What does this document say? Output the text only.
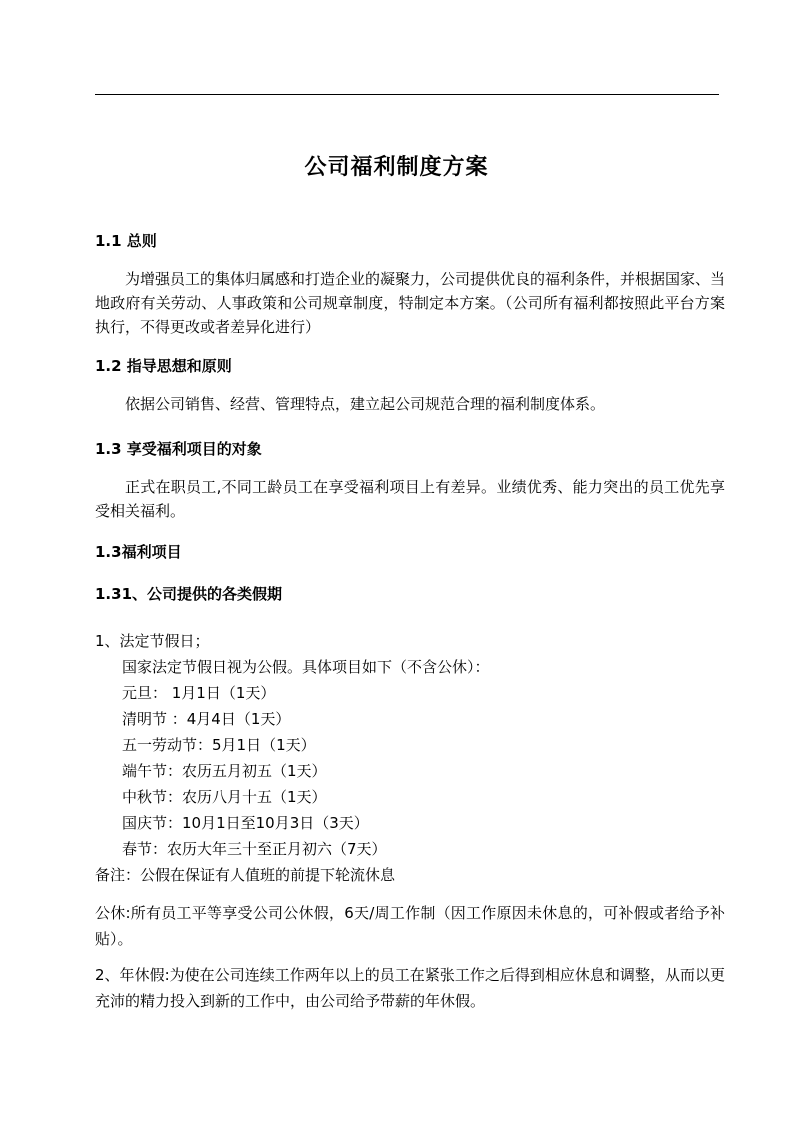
公司福利制度方案
1.1 总则
为增强员工的集体归属感和打造企业的凝聚力，公司提供优良的福利条件，并根据国家、当地政府有关劳动、人事政策和公司规章制度，特制定本方案。（公司所有福利都按照此平台方案执行，不得更改或者差异化进行）
1.2 指导思想和原则
依据公司销售、经营、管理特点，建立起公司规范合理的福利制度体系。
1.3 享受福利项目的对象
正式在职员工,不同工龄员工在享受福利项目上有差异。业绩优秀、能力突出的员工优先享受相关福利。
1.3福利项目
1.31、公司提供的各类假期
1、法定节假日；
国家法定节假日视为公假。具体项目如下（不含公休）：
元旦： 1月1日（1天）
清明节 ：4月4日（1天）
五一劳动节：5月1日（1天）
端午节：农历五月初五（1天）
中秋节：农历八月十五（1天）
国庆节：10月1日至10月3日（3天）
春节：农历大年三十至正月初六（7天）
备注：公假在保证有人值班的前提下轮流休息
公休:所有员工平等享受公司公休假，6天/周工作制（因工作原因未休息的，可补假或者给予补贴）。
2、年休假:为使在公司连续工作两年以上的员工在紧张工作之后得到相应休息和调整，从而以更充沛的精力投入到新的工作中，由公司给予带薪的年休假。
